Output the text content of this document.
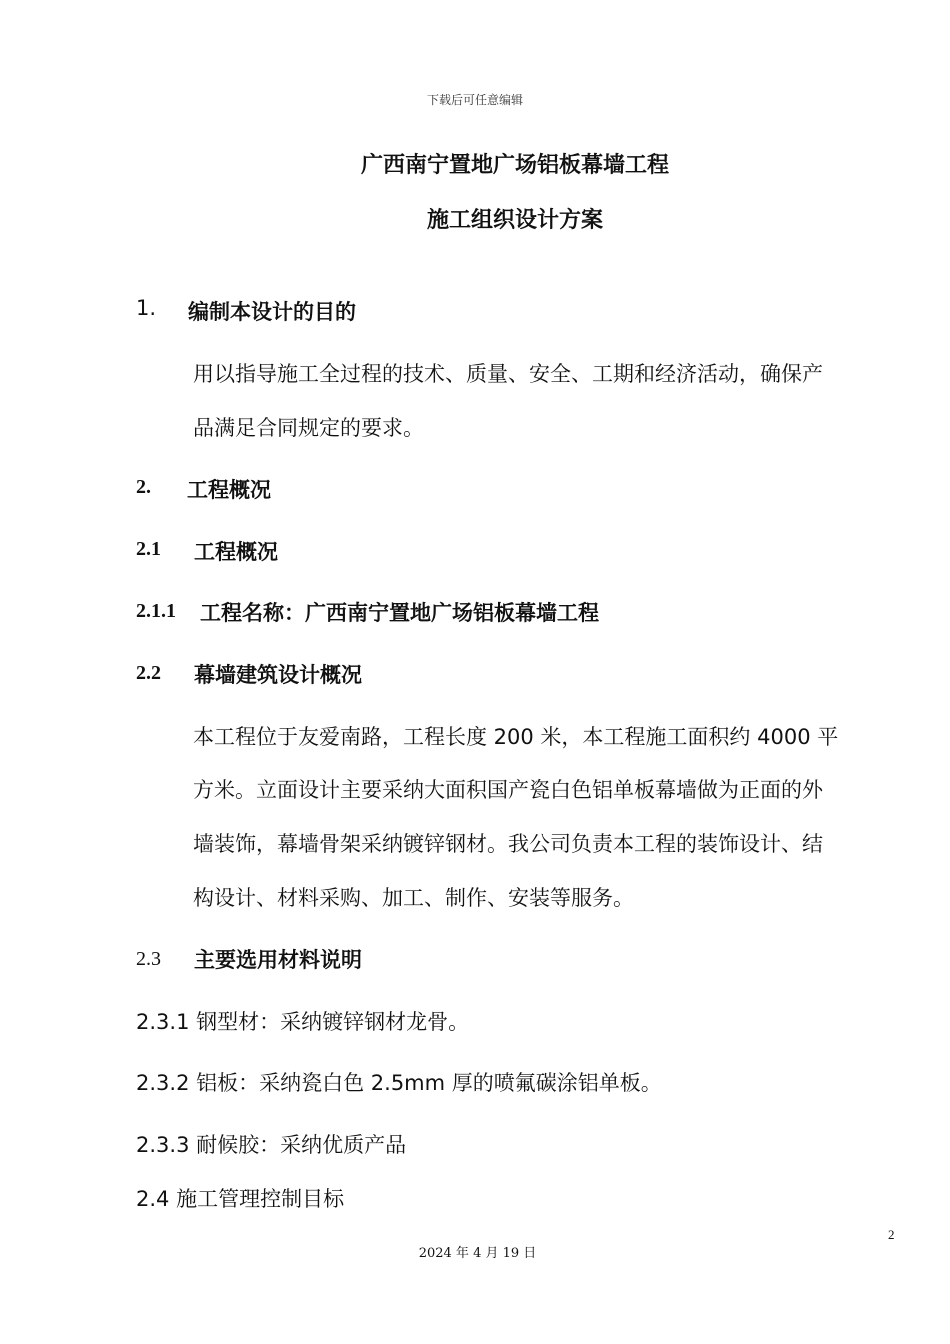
下载后可任意编辑
广西南宁置地广场铝板幕墙工程
施工组织设计方案
1. 编制本设计的目的
用以指导施工全过程的技术、质量、安全、工期和经济活动，确保产
品满足合同规定的要求。
2. 工程概况
2.1 工程概况
2.1.1 工程名称：广西南宁置地广场铝板幕墙工程
2.2 幕墙建筑设计概况
本工程位于友爱南路，工程长度 200 米，本工程施工面积约 4000 平
方米。立面设计主要采纳大面积国产瓷白色铝单板幕墙做为正面的外
墙装饰，幕墙骨架采纳镀锌钢材。我公司负责本工程的装饰设计、结
构设计、材料采购、加工、制作、安装等服务。
2.3 主要选用材料说明
2.3.1 钢型材：采纳镀锌钢材龙骨。
2.3.2 铝板：采纳瓷白色 2.5mm 厚的喷氟碳涂铝单板。
2.3.3 耐候胶：采纳优质产品
2.4 施工管理控制目标
2
2024 年 4 月 19 日
